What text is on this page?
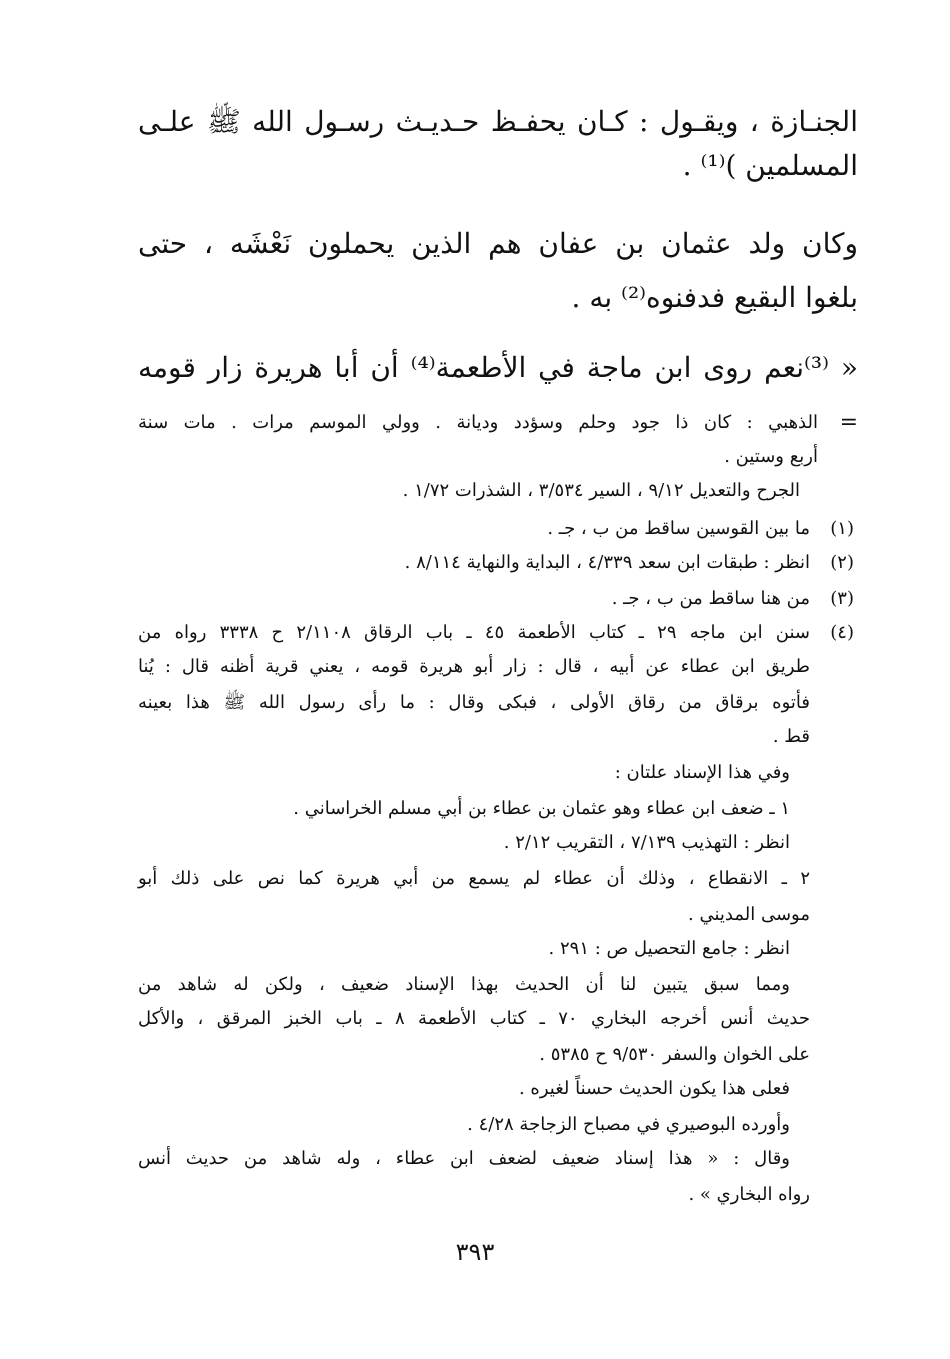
الجنـازة ، ويقـول : كـان يحفـظ حـديـث رسـول الله ﷺ علـى
المسلمين )⁽¹⁾ .
وكان ولد عثمان بن عفان هم الذين يحملون نَعْشَه ، حتى
بلغوا البقيع فدفنوه⁽²⁾ به .
« ⁽³⁾نعم روى ابن ماجة في الأطعمة⁽⁴⁾ أن أبا هريرة زار قومه
=
الذهبي : كان ذا جود وحلم وسؤدد وديانة . وولي الموسم مرات . مات سنة
أربع وستين .
الجرح والتعديل ٩/١٢ ، السير ٣/٥٣٤ ، الشذرات ١/٧٢ .
(١)ما بين القوسين ساقط من ب ، جـ .
(٢)انظر : طبقات ابن سعد ٤/٣٣٩ ، البداية والنهاية ٨/١١٤ .
(٣)من هنا ساقط من ب ، جـ .
(٤)
سنن ابن ماجه ٢٩ ـ كتاب الأطعمة ٤٥ ـ باب الرقاق ٢/١١٠٨ ح ٣٣٣٨ رواه من
طريق ابن عطاء عن أبيه ، قال : زار أبو هريرة قومه ، يعني قرية أظنه قال : يُنا
فأتوه برقاق من رقاق الأولى ، فبكى وقال : ما رأى رسول الله ﷺ هذا بعينه
قط .
وفي هذا الإسناد علتان :
١ ـ ضعف ابن عطاء وهو عثمان بن عطاء بن أبي مسلم الخراساني .
انظر : التهذيب ٧/١٣٩ ، التقريب ٢/١٢ .
٢ ـ الانقطاع ، وذلك أن عطاء لم يسمع من أبي هريرة كما نص على ذلك أبو
موسى المديني .
انظر : جامع التحصيل ص : ٢٩١ .
ومما سبق يتبين لنا أن الحديث بهذا الإسناد ضعيف ، ولكن له شاهد من
حديث أنس أخرجه البخاري ٧٠ ـ كتاب الأطعمة ٨ ـ باب الخبز المرقق ، والأكل
على الخوان والسفر ٩/٥٣٠ ح ٥٣٨٥ .
فعلى هذا يكون الحديث حسناً لغيره .
وأورده البوصيري في مصباح الزجاجة ٤/٢٨ .
وقال : « هذا إسناد ضعيف لضعف ابن عطاء ، وله شاهد من حديث أنس
رواه البخاري » .
٣٩٣
